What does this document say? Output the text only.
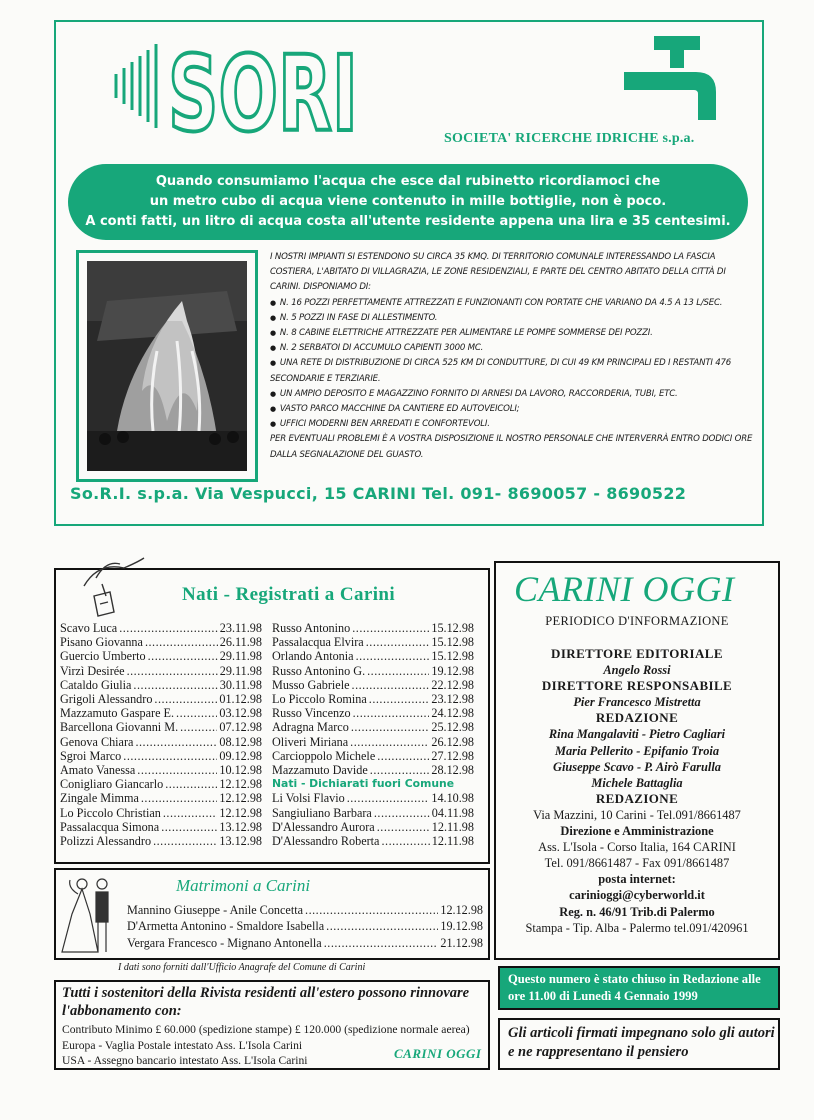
SORI	SOCIETA' RICERCHE IDRICHE s.p.a.
Quando consumiamo l'acqua che esce dal rubinetto ricordiamoci che
un metro cubo di acqua viene contenuto in mille bottiglie, non è poco.
A conti fatti, un litro di acqua costa all'utente residente appena una lira e 35 centesimi.
I NOSTRI IMPIANTI SI ESTENDONO SU CIRCA 35 KMQ. DI TERRITORIO COMUNALE INTERESSANDO LA FASCIA COSTIERA, L'ABITATO DI VILLAGRAZIA, LE ZONE RESIDENZIALI, E PARTE DEL CENTRO ABITATO DELLA CITTÀ DI CARINI. DISPONIAMO DI:
● N. 16 POZZI PERFETTAMENTE ATTREZZATI E FUNZIONANTI CON PORTATE CHE VARIANO DA 4.5 A 13 L/SEC.
● N. 5 POZZI IN FASE DI ALLESTIMENTO.
● N. 8 CABINE ELETTRICHE ATTREZZATE PER ALIMENTARE LE POMPE SOMMERSE DEI POZZI.
● N. 2 SERBATOI DI ACCUMULO CAPIENTI 3000 MC.
● UNA RETE DI DISTRIBUZIONE DI CIRCA 525 KM DI CONDUTTURE, DI CUI 49 KM PRINCIPALI ED I RESTANTI 476 SECONDARIE E TERZIARIE.
● UN AMPIO DEPOSITO E MAGAZZINO FORNITO DI ARNESI DA LAVORO, RACCORDERIA, TUBI, ETC.
● VASTO PARCO MACCHINE DA CANTIERE ED AUTOVEICOLI;
● UFFICI MODERNI BEN ARREDATI E CONFORTEVOLI.
PER EVENTUALI PROBLEMI È A VOSTRA DISPOSIZIONE IL NOSTRO PERSONALE CHE INTERVERRÀ ENTRO DODICI ORE DALLA SEGNALAZIONE DEL GUASTO.
So.R.I. s.p.a. Via Vespucci, 15 CARINI Tel. 091- 8690057 - 8690522
Nati - Registrati a Carini
Scavo Luca .....	23.11.98
Pisano Giovanna .....	26.11.98
Guercio Umberto .....	29.11.98
Virzì Desirée .....	29.11.98
Cataldo Giulia .....	30.11.98
Grigoli Alessandro .....	01.12.98
Mazzamuto Gaspare E. .....	03.12.98
Barcellona Giovanni M. .....	07.12.98
Genova Chiara .....	08.12.98
Sgroi Marco .....	09.12.98
Amato Vanessa .....	10.12.98
Conigliaro Giancarlo .....	12.12.98
Zingale Mimma .....	12.12.98
Lo Piccolo Christian .....	12.12.98
Passalacqua Simona .....	13.12.98
Polizzi Alessandro .....	13.12.98
Russo Antonino .....	15.12.98
Passalacqua Elvira .....	15.12.98
Orlando Antonia .....	15.12.98
Russo Antonino G. .....	19.12.98
Musso Gabriele .....	22.12.98
Lo Piccolo Romina .....	23.12.98
Russo Vincenzo .....	24.12.98
Adragna Marco .....	25.12.98
Oliveri Miriana .....	26.12.98
Carcioppolo Michele .....	27.12.98
Mazzamuto Davide .....	28.12.98
Nati - Dichiarati fuori Comune
Li Volsi Flavio .....	14.10.98
Sangiuliano Barbara .....	04.11.98
D'Alessandro Aurora .....	12.11.98
D'Alessandro Roberta .....	12.11.98
Matrimoni a Carini
Mannino Giuseppe - Anile Concetta .....	12.12.98
D'Armetta Antonino - Smaldore Isabella .....	19.12.98
Vergara Francesco - Mignano Antonella .....	21.12.98
I dati sono forniti dall'Ufficio Anagrafe del Comune di Carini
Tutti i sostenitori della Rivista residenti all'estero possono rinnovare l'abbonamento con:
Contributo Minimo £ 60.000 (spedizione stampe) £ 120.000 (spedizione normale aerea)
Europa - Vaglia Postale intestato Ass. L'Isola Carini
USA - Assegno bancario intestato Ass. L'Isola Carini	CARINI OGGI
CARINI OGGI
PERIODICO D'INFORMAZIONE
DIRETTORE EDITORIALE
Angelo Rossi
DIRETTORE RESPONSABILE
Pier Francesco Mistretta
REDAZIONE
Rina Mangalaviti - Pietro Cagliari
Maria Pellerito - Epifanio Troia
Giuseppe Scavo - P. Airò Farulla
Michele Battaglia
REDAZIONE
Via Mazzini, 10 Carini - Tel.091/8661487
Direzione e Amministrazione
Ass. L'Isola - Corso Italia, 164 CARINI
Tel. 091/8661487 - Fax 091/8661487
posta internet:
carinioggi@cyberworld.it
Reg. n. 46/91 Trib.di Palermo
Stampa - Tip. Alba - Palermo tel.091/420961
Questo numero è stato chiuso in Redazione alle ore 11.00 di Lunedì 4 Gennaio 1999
Gli articoli firmati impegnano solo gli autori e ne rappresentano il pensiero
